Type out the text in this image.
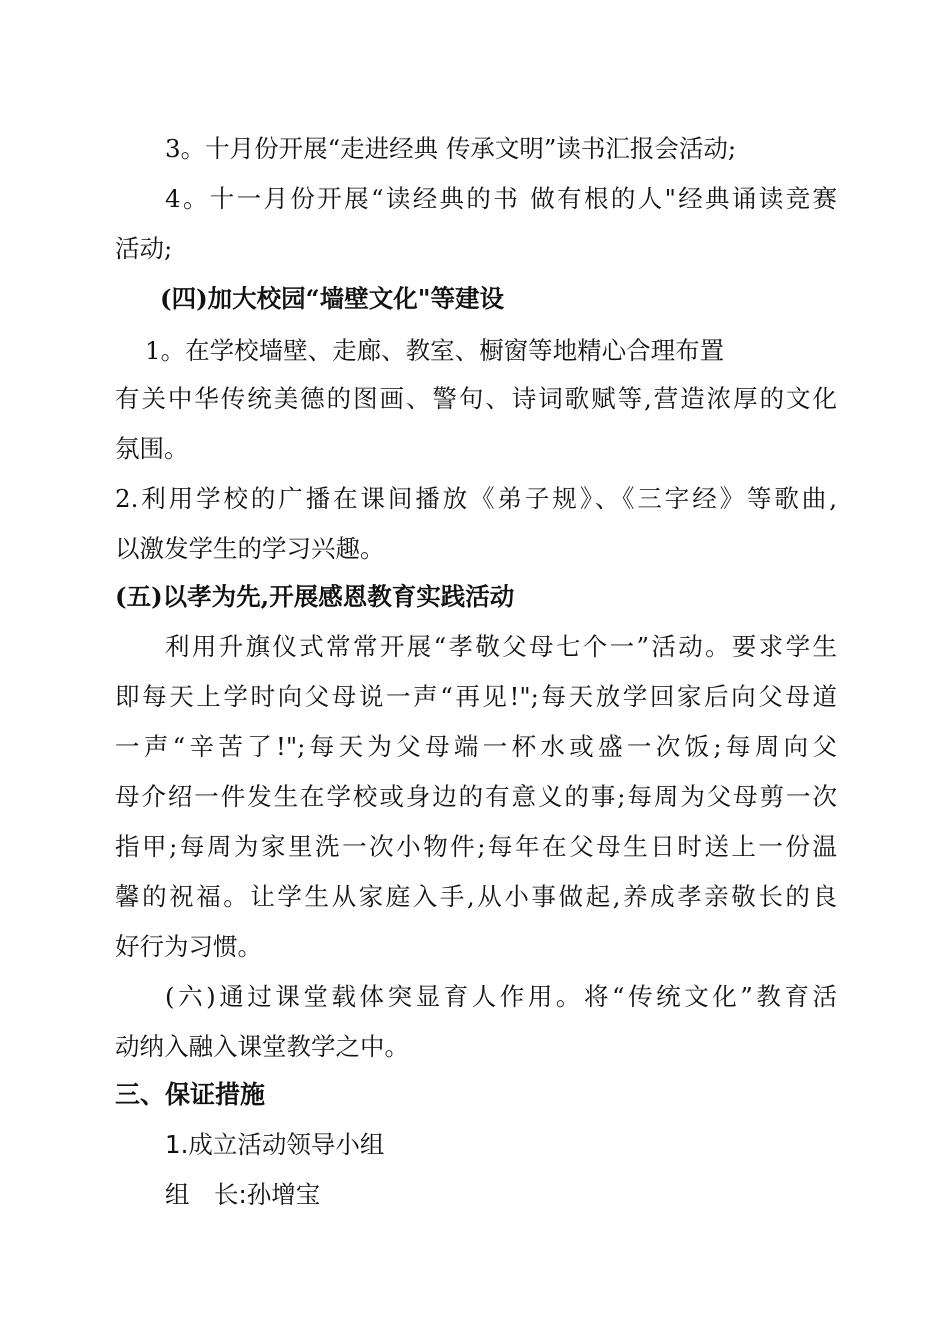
3。十月份开展“走进经典 传承文明”读书汇报会活动;
4。十一月份开展“读经典的书 做有根的人"经典诵读竞赛
活动;
(四)加大校园“墙壁文化"等建设
1。在学校墙壁、走廊、教室、橱窗等地精心合理布置
有关中华传统美德的图画、警句、诗词歌赋等,营造浓厚的文化
氛围。
2.利用学校的广播在课间播放《弟子规》、《三字经》等歌曲,
以激发学生的学习兴趣。
(五)以孝为先,开展感恩教育实践活动
利用升旗仪式常常开展“孝敬父母七个一”活动。要求学生
即每天上学时向父母说一声“再见!";每天放学回家后向父母道
一声“辛苦了!";每天为父母端一杯水或盛一次饭;每周向父
母介绍一件发生在学校或身边的有意义的事;每周为父母剪一次
指甲;每周为家里洗一次小物件;每年在父母生日时送上一份温
馨的祝福。让学生从家庭入手,从小事做起,养成孝亲敬长的良
好行为习惯。
(六)通过课堂载体突显育人作用。将“传统文化”教育活
动纳入融入课堂教学之中。
三、保证措施
1.成立活动领导小组
组　长:孙增宝
